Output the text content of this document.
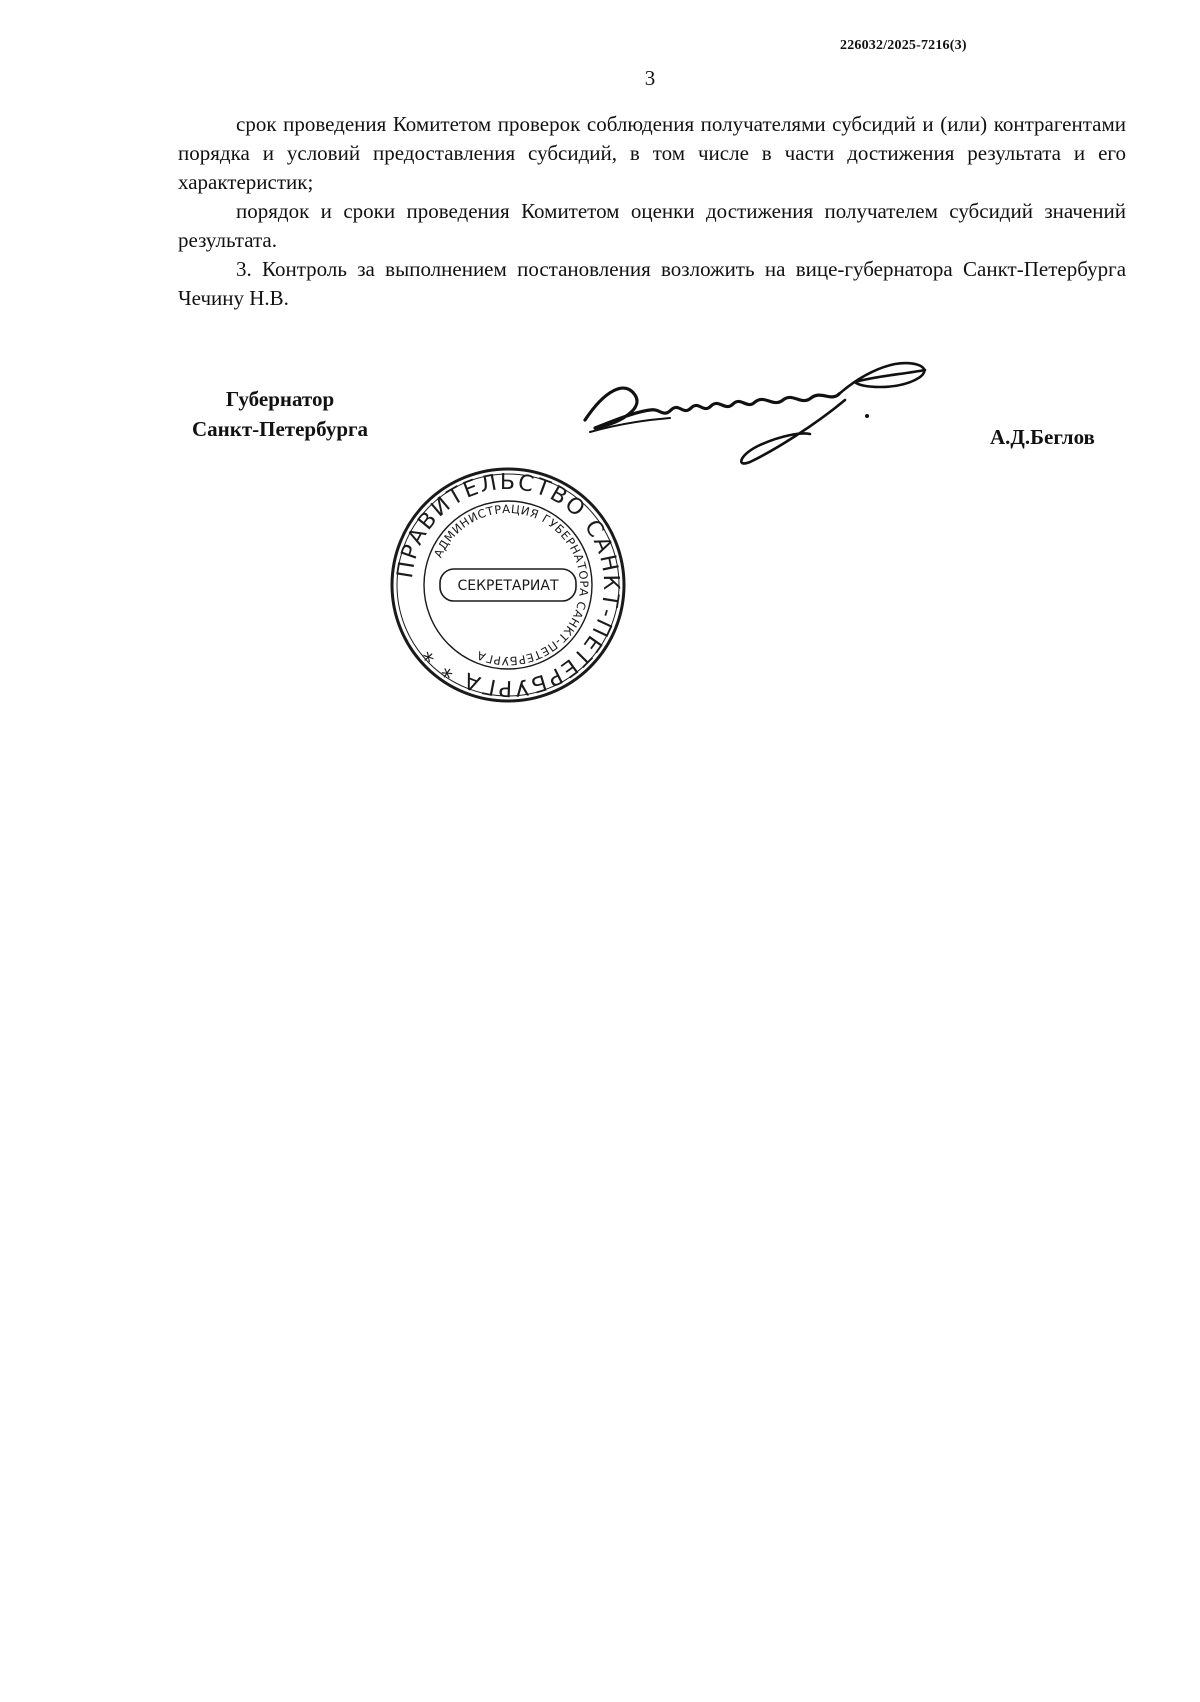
226032/2025-7216(3)
3

срок проведения Комитетом проверок соблюдения получателями субсидий и (или) контрагентами порядка и условий предоставления субсидий, в том числе в части достижения результата и его характеристик;

порядок и сроки проведения Комитетом оценки достижения получателем субсидий значений результата.

3. Контроль за выполнением постановления возложить на вице-губернатора Санкт-Петербурга Чечину Н.В.

Губернатор
Санкт-Петербурга	А.Д.Беглов
ПРАВИТЕЛЬСТВО САНКТ-ПЕТЕРБУРГА * *
АДМИНИСТРАЦИЯ ГУБЕРНАТОРА САНКТ-ПЕТЕРБУРГА
СЕКРЕТАРИАТ
